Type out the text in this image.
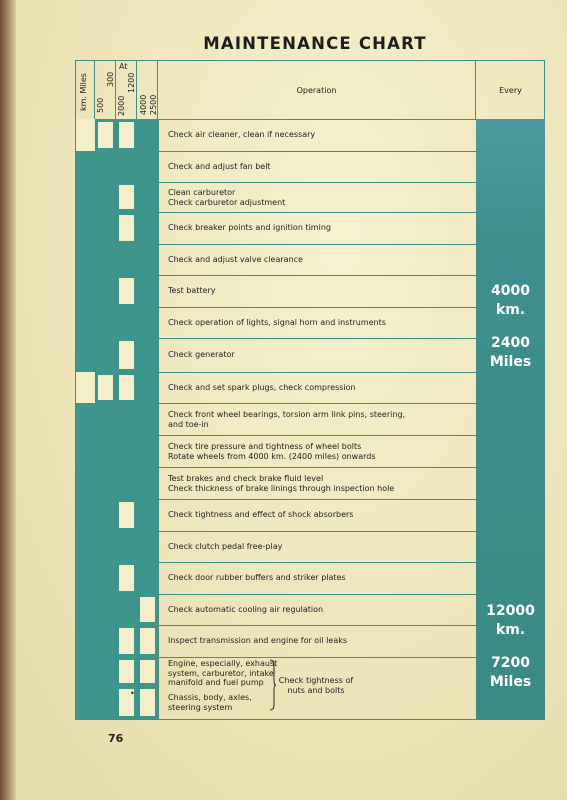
MAINTENANCE CHART
km. Miles 500
300
At
2000
1200
4000 2500
Operation	Every
Check air cleaner, clean if necessary
Check and adjust fan belt
Clean carburetor
Check carburetor adjustment
Check breaker points and ignition timing
Check and adjust valve clearance
Test battery
Check operation of lights, signal horn and instruments
Check generator
Check and set spark plugs, check compression
Check front wheel bearings, torsion arm link pins, steering,
and toe-in
Check tire pressure and tightness of wheel bolts
Rotate wheels from 4000 km. (2400 miles) onwards
Test brakes and check brake fluid level
Check thickness of brake linings through inspection hole
Check tightness and effect of shock absorbers
Check clutch pedal free-play
Check door rubber buffers and striker plates
Check automatic cooling air regulation
Inspect transmission and engine for oil leaks
Engine, especially, exhaust
system, carburetor, intake
manifold and fuel pump
Chassis, body, axles,
steering system
4000
km.
2400
Miles
12000
km.
7200
Miles
Check tightness of
nuts and bolts
•
76
